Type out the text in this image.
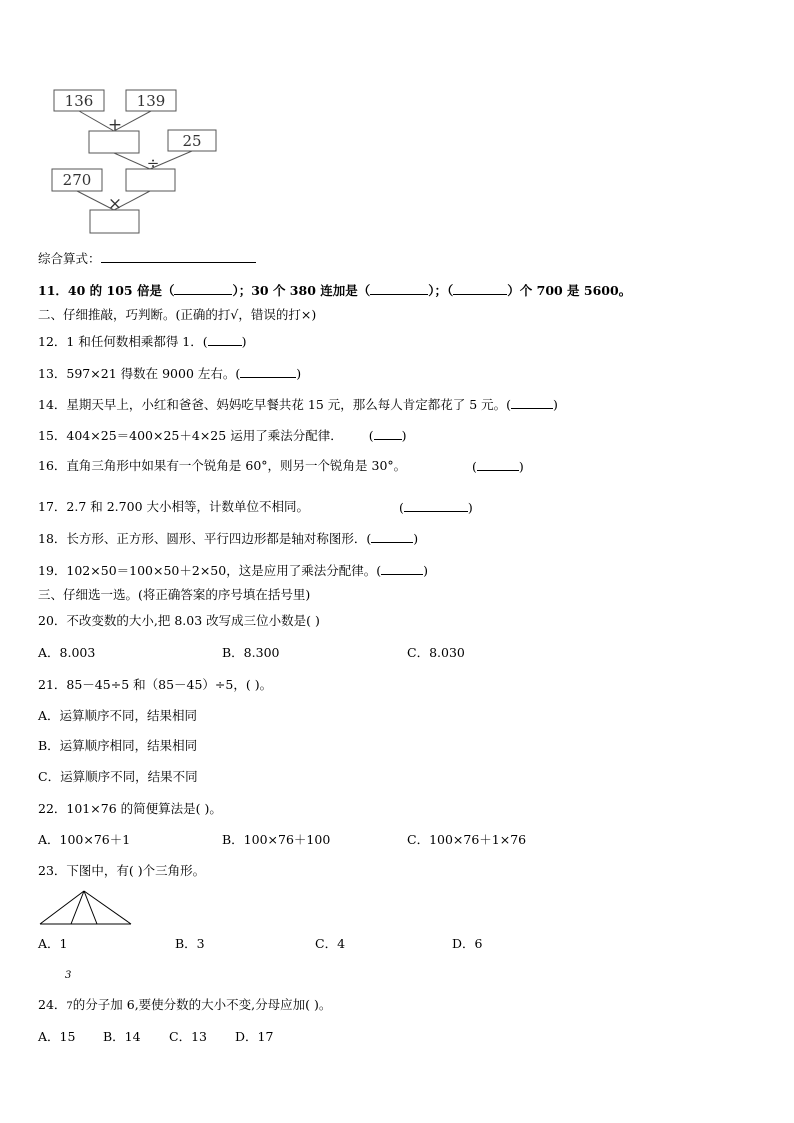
136	139
25
270
+
÷
×
综合算式：
11．40 的 105 倍是（	）；30 个 380 连加是（	）；（	）个 700 是 5600。
二、仔细推敲，巧判断。(正确的打√，错误的打×)
12．1 和任何数相乘都得 1．(	)
13．597×21 得数在 9000 左右。(	)
14．星期天早上，小红和爸爸、妈妈吃早餐共花 15 元，那么每人肯定都花了 5 元。(	)
15．404×25＝400×25＋4×25 运用了乘法分配律． ( )
16．直角三角形中如果有一个锐角是 60°，则另一个锐角是 30°。	(	)
17．2.7 和 2.700 大小相等，计数单位不相同。	(	)
18．长方形、正方形、圆形、平行四边形都是轴对称图形．(	)
19．102×50＝100×50＋2×50，这是应用了乘法分配律。(	)
三、仔细选一选。(将正确答案的序号填在括号里)
20．不改变数的大小,把 8.03 改写成三位小数是( )
A．8.003	B．8.300	C．8.030
21．85－45÷5 和（85－45）÷5，( )。
A．运算顺序不同，结果相同
B．运算顺序相同，结果相同
C．运算顺序不同，结果不同
22．101×76 的简便算法是( )。
A．100×76＋1	B．100×76＋100	C．100×76＋1×76
23．下图中，有( )个三角形。
A．1	B．3	C．4	D．6
3
24．7的分子加 6,要使分数的大小不变,分母应加( )。
A．15 B．14 C．13 D．17
